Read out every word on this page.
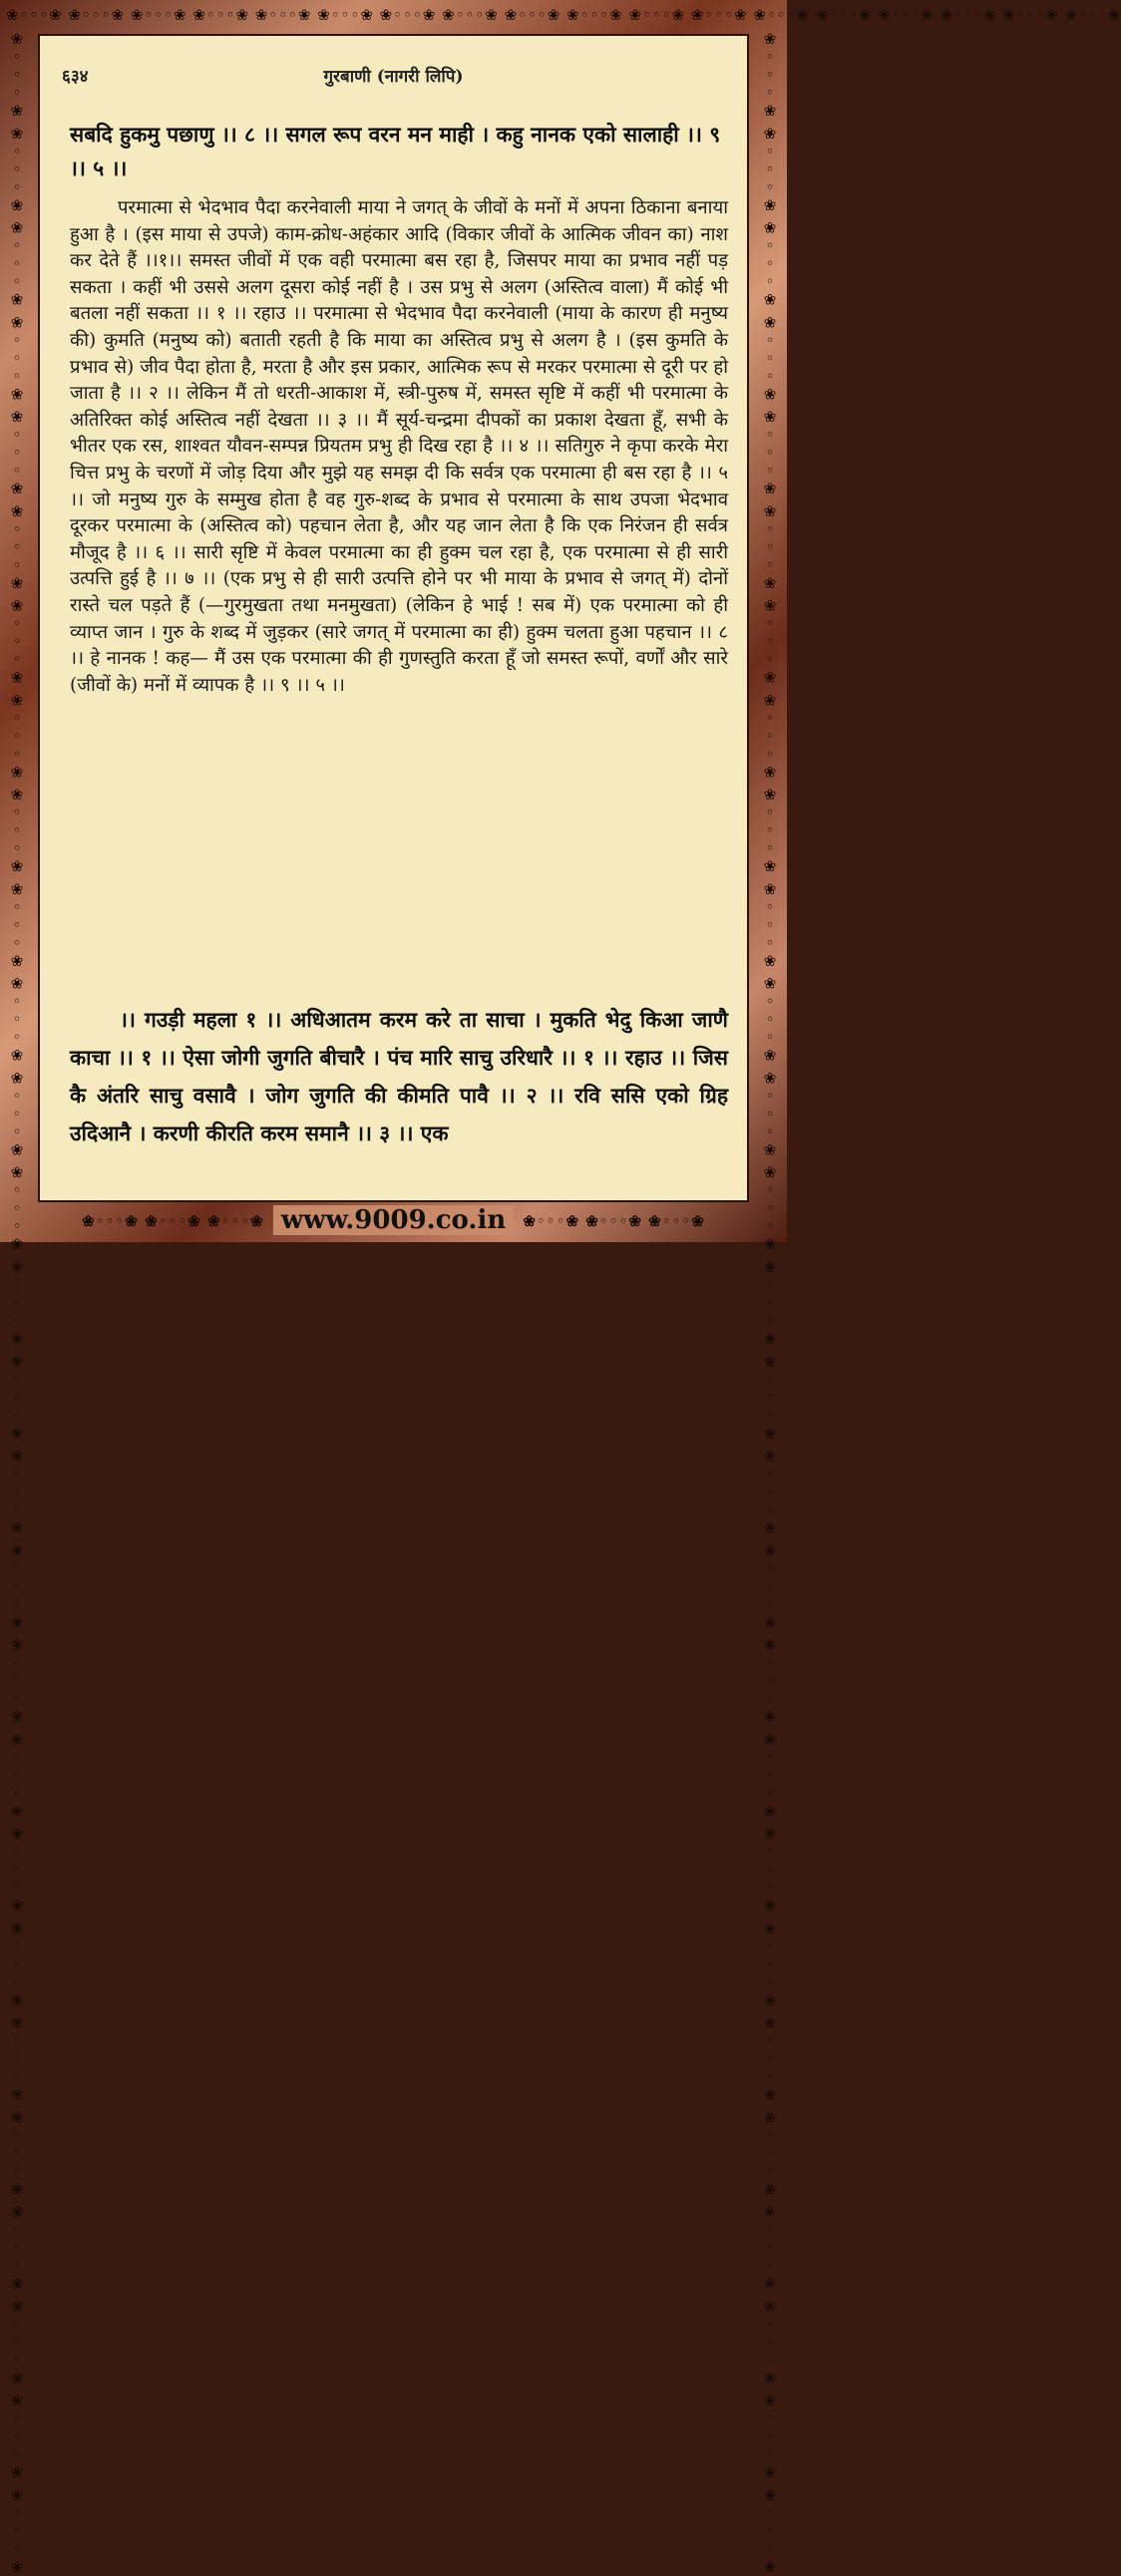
❀◦◦◦❀ ❀◦◦◦❀ ❀◦◦◦❀ ❀◦◦◦❀ ❀◦◦◦❀ ❀◦◦◦❀ ❀◦◦◦❀ ❀◦◦◦❀ ❀◦◦◦❀ ❀◦◦◦❀ ❀◦◦◦❀ ❀◦◦◦❀ ❀◦◦◦❀ ❀◦◦◦❀ ❀◦◦◦❀ ❀◦◦◦❀ ❀◦◦◦❀ ❀◦◦◦❀
❀◦◦◦❀ ❀◦◦◦❀ ❀◦◦◦❀ ❀◦◦◦❀ ❀◦◦◦❀ ❀◦◦◦❀ ❀◦◦◦❀ ❀◦◦◦❀ ❀◦◦◦❀ ❀◦◦◦❀ ❀◦◦◦❀ ❀◦◦◦❀ ❀◦◦◦❀ ❀◦◦◦❀ ❀◦◦◦❀ ❀◦◦◦❀ ❀◦◦◦❀ ❀◦◦◦❀ ❀◦◦◦❀ ❀◦◦◦❀ ❀◦◦◦❀ ❀◦◦◦❀ ❀◦◦◦❀ ❀◦◦◦❀ ❀◦◦◦❀ ❀◦◦◦❀ ❀◦◦◦❀	❀◦◦◦❀ ❀◦◦◦❀ ❀◦◦◦❀ ❀◦◦◦❀ ❀◦◦◦❀ ❀◦◦◦❀ ❀◦◦◦❀ ❀◦◦◦❀ ❀◦◦◦❀ ❀◦◦◦❀ ❀◦◦◦❀ ❀◦◦◦❀ ❀◦◦◦❀ ❀◦◦◦❀ ❀◦◦◦❀ ❀◦◦◦❀ ❀◦◦◦❀ ❀◦◦◦❀ ❀◦◦◦❀ ❀◦◦◦❀ ❀◦◦◦❀ ❀◦◦◦❀ ❀◦◦◦❀ ❀◦◦◦❀ ❀◦◦◦❀ ❀◦◦◦❀ ❀◦◦◦❀
६३४	गुरबाणी (नागरी लिपि)
सबदि हुकमु पछाणु ।। ८ ।। सगल रूप वरन मन माही । कहु नानक एको सालाही ।। ९ ।। ५ ।।

परमात्मा से भेदभाव पैदा करनेवाली माया ने जगत् के जीवों के मनों में अपना ठिकाना बनाया हुआ है । (इस माया से उपजे) काम-क्रोध-अहंकार आदि (विकार जीवों के आत्मिक जीवन का) नाश कर देते हैं ।।१।। समस्त जीवों में एक वही परमात्मा बस रहा है, जिसपर माया का प्रभाव नहीं पड़ सकता । कहीं भी उससे अलग दूसरा कोई नहीं है । उस प्रभु से अलग (अस्तित्व वाला) मैं कोई भी बतला नहीं सकता ।। १ ।। रहाउ ।। परमात्मा से भेदभाव पैदा करनेवाली (माया के कारण ही मनुष्य की) कुमति (मनुष्य को) बताती रहती है कि माया का अस्तित्व प्रभु से अलग है । (इस कुमति के प्रभाव से) जीव पैदा होता है, मरता है और इस प्रकार, आत्मिक रूप से मरकर परमात्मा से दूरी पर हो जाता है ।। २ ।। लेकिन मैं तो धरती-आकाश में, स्त्री-पुरुष में, समस्त सृष्टि में कहीं भी परमात्मा के अतिरिक्त कोई अस्तित्व नहीं देखता ।। ३ ।। मैं सूर्य-चन्द्रमा दीपकों का प्रकाश देखता हूँ, सभी के भीतर एक रस, शाश्वत यौवन-सम्पन्न प्रियतम प्रभु ही दिख रहा है ।। ४ ।। सतिगुरु ने कृपा करके मेरा चित्त प्रभु के चरणों में जोड़ दिया और मुझे यह समझ दी कि सर्वत्र एक परमात्मा ही बस रहा है ।। ५ ।। जो मनुष्य गुरु के सम्मुख होता है वह गुरु-शब्द के प्रभाव से परमात्मा के साथ उपजा भेदभाव दूरकर परमात्मा के (अस्तित्व को) पहचान लेता है, और यह जान लेता है कि एक निरंजन ही सर्वत्र मौजूद है ।। ६ ।। सारी सृष्टि में केवल परमात्मा का ही हुक्म चल रहा है, एक परमात्मा से ही सारी उत्पत्ति हुई है ।। ७ ।। (एक प्रभु से ही सारी उत्पत्ति होने पर भी माया के प्रभाव से जगत् में) दोनों रास्ते चल पड़ते हैं (—गुरमुखता तथा मनमुखता) (लेकिन हे भाई ! सब में) एक परमात्मा को ही व्याप्त जान । गुरु के शब्द में जुड़कर (सारे जगत् में परमात्मा का ही) हुक्म चलता हुआ पहचान ।। ८ ।। हे नानक ! कह— मैं उस एक परमात्मा की ही गुणस्तुति करता हूँ जो समस्त रूपों, वर्णों और सारे (जीवों के) मनों में व्यापक है ।। ९ ।। ५ ।।

।। गउड़ी महला १ ।। अधिआतम करम करे ता साचा । मुकति भेदु किआ जाणै काचा ।। १ ।। ऐसा जोगी जुगति बीचारै । पंच मारि साचु उरिधारै ।। १ ।। रहाउ ।। जिस कै अंतरि साचु वसावै । जोग जुगति की कीमति पावै ।। २ ।। रवि ससि एको ग्रिह उदिआनै । करणी कीरति करम समानै ।। ३ ।। एक

❀◦◦◦❀ ❀◦◦◦❀ ❀◦◦◦❀ www.9009.co.in ❀◦◦◦❀ ❀◦◦◦❀ ❀◦◦◦❀
